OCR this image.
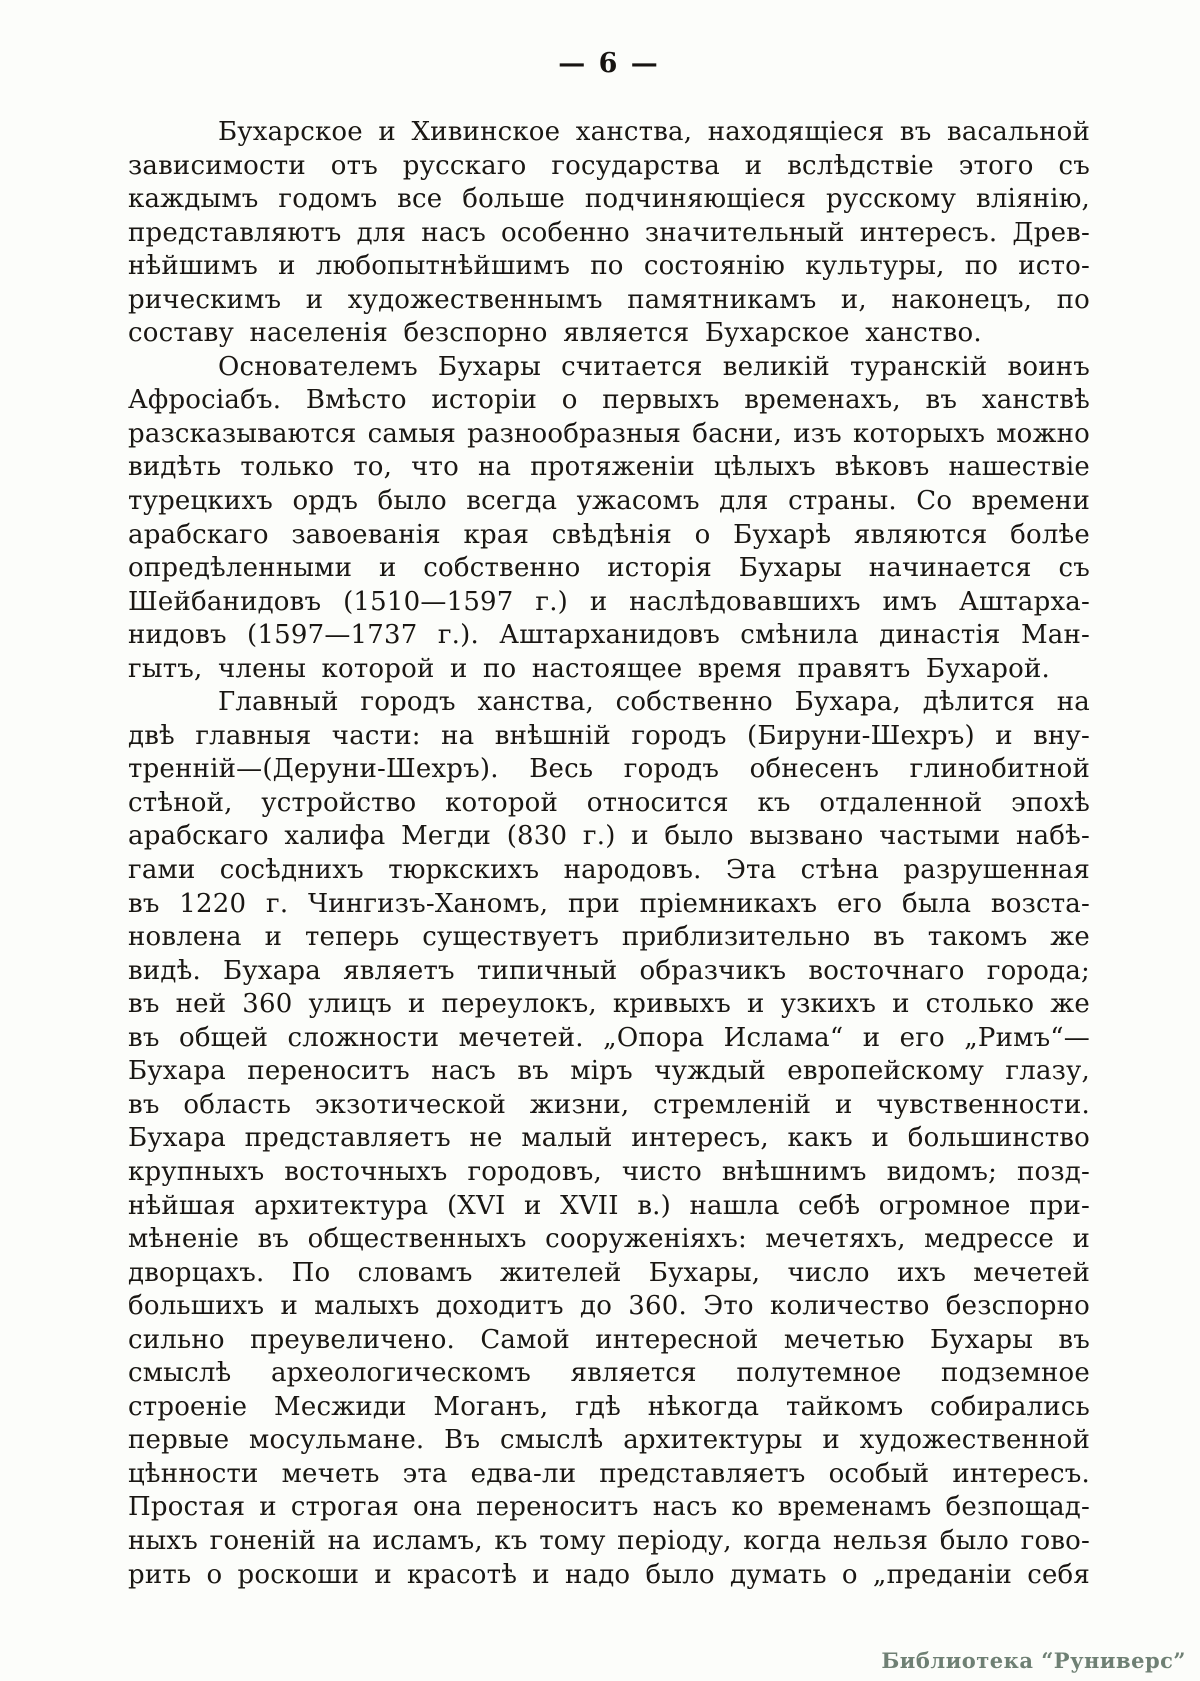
— 6 —
Бухарское и Хивинское ханства, находящіеся въ васальной
зависимости отъ русскаго государства и вслѣдствіе этого съ
каждымъ годомъ все больше подчиняющіеся русскому вліянію,
представляютъ для насъ особенно значительный интересъ. Древ-
нѣйшимъ и любопытнѣйшимъ по состоянію культуры, по исто-
рическимъ и художественнымъ памятникамъ и, наконецъ, по
составу населенія безспорно является Бухарское ханство.
Основателемъ Бухары считается великій туранскій воинъ
Афросіабъ. Вмѣсто исторіи о первыхъ временахъ, въ ханствѣ
разсказываются самыя разнообразныя басни, изъ которыхъ можно
видѣть только то, что на протяженіи цѣлыхъ вѣковъ нашествіе
турецкихъ ордъ было всегда ужасомъ для страны. Со времени
арабскаго завоеванія края свѣдѣнія о Бухарѣ являются болѣе
опредѣленными и собственно исторія Бухары начинается съ
Шейбанидовъ (1510—1597 г.) и наслѣдовавшихъ имъ Аштарха-
нидовъ (1597—1737 г.). Аштарханидовъ смѣнила династія Ман-
гытъ, члены которой и по настоящее время правятъ Бухарой.
Главный городъ ханства, собственно Бухара, дѣлится на
двѣ главныя части: на внѣшній городъ (Бируни-Шехръ) и вну-
тренній—(Деруни-Шехръ). Весь городъ обнесенъ глинобитной
стѣной, устройство которой относится къ отдаленной эпохѣ
арабскаго халифа Мегди (830 г.) и было вызвано частыми набѣ-
гами сосѣднихъ тюркскихъ народовъ. Эта стѣна разрушенная
въ 1220 г. Чингизъ-Ханомъ, при пріемникахъ его была возста-
новлена и теперь существуетъ приблизительно въ такомъ же
видѣ. Бухара являетъ типичный образчикъ восточнаго города;
въ ней 360 улицъ и переулокъ, кривыхъ и узкихъ и столько же
въ общей сложности мечетей. „Опора Ислама“ и его „Римъ“—
Бухара переноситъ насъ въ міръ чуждый европейскому глазу,
въ область экзотической жизни, стремленій и чувственности.
Бухара представляетъ не малый интересъ, какъ и большинство
крупныхъ восточныхъ городовъ, чисто внѣшнимъ видомъ; позд-
нѣйшая архитектура (XVI и XVII в.) нашла себѣ огромное при-
мѣненіе въ общественныхъ сооруженіяхъ: мечетяхъ, медрессе и
дворцахъ. По словамъ жителей Бухары, число ихъ мечетей
большихъ и малыхъ доходитъ до 360. Это количество безспорно
сильно преувеличено. Самой интересной мечетью Бухары въ
смыслѣ археологическомъ является полутемное подземное
строеніе Месжиди Моганъ, гдѣ нѣкогда тайкомъ собирались
первые мосульмане. Въ смыслѣ архитектуры и художественной
цѣнности мечеть эта едва-ли представляетъ особый интересъ.
Простая и строгая она переноситъ насъ ко временамъ безпощад-
ныхъ гоненій на исламъ, къ тому періоду, когда нельзя было гово-
рить о роскоши и красотѣ и надо было думать о „преданіи себя
Библиотека “Руниверс”
